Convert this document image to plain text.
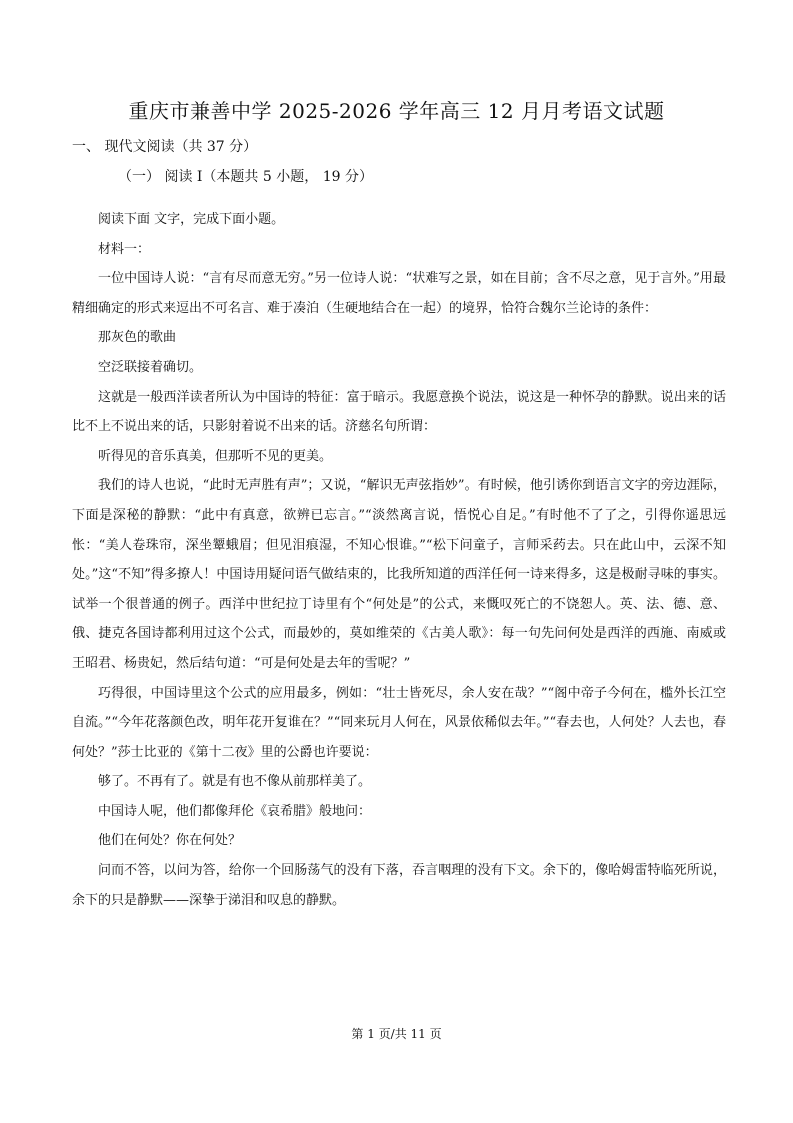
重庆市兼善中学 2025-2026 学年高三 12 月月考语文试题
一、 现代文阅读（共 37 分）
（一） 阅读 I（本题共 5 小题， 19 分）

阅读下面 文字，完成下面小题。

材料一：

一位中国诗人说：“言有尽而意无穷。”另一位诗人说：“状难写之景，如在目前；含不尽之意，见于言外。”用最精细确定的形式来逗出不可名言、难于凑泊（生硬地结合在一起）的境界，恰符合魏尔兰论诗的条件：

那灰色的歌曲

空泛联接着确切。

这就是一般西洋读者所认为中国诗的特征：富于暗示。我愿意换个说法，说这是一种怀孕的静默。说出来的话比不上不说出来的话，只影射着说不出来的话。济慈名句所谓：

听得见的音乐真美，但那听不见的更美。

我们的诗人也说，“此时无声胜有声”；又说，“解识无声弦指妙”。有时候，他引诱你到语言文字的旁边涯际，下面是深秘的静默：“此中有真意，欲辨已忘言。”“淡然离言说，悟悦心自足。”有时他不了了之，引得你遥思远怅：“美人卷珠帘，深坐颦蛾眉；但见泪痕湿，不知心恨谁。”“松下问童子，言师采药去。只在此山中，云深不知处。”这“不知”得多撩人！中国诗用疑问语气做结束的，比我所知道的西洋任何一诗来得多，这是极耐寻味的事实。试举一个很普通的例子。西洋中世纪拉丁诗里有个“何处是”的公式，来慨叹死亡的不饶恕人。英、法、德、意、俄、捷克各国诗都利用过这个公式，而最妙的，莫如维荣的《古美人歌》：每一句先问何处是西洋的西施、南威或王昭君、杨贵妃，然后结句道：“可是何处是去年的雪呢？”

巧得很，中国诗里这个公式的应用最多，例如：“壮士皆死尽，余人安在哉？”“阁中帝子今何在，槛外长江空自流。”“今年花落颜色改，明年花开复谁在？”“同来玩月人何在，风景依稀似去年。”“春去也，人何处？人去也，春何处？”莎士比亚的《第十二夜》里的公爵也许要说：

够了。不再有了。就是有也不像从前那样美了。

中国诗人呢，他们都像拜伦《哀希腊》般地问：

他们在何处？你在何处？

问而不答，以问为答，给你一个回肠荡气的没有下落，吞言咽理的没有下文。余下的，像哈姆雷特临死所说，余下的只是静默——深挚于涕泪和叹息的静默。

第 1 页/共 11 页
